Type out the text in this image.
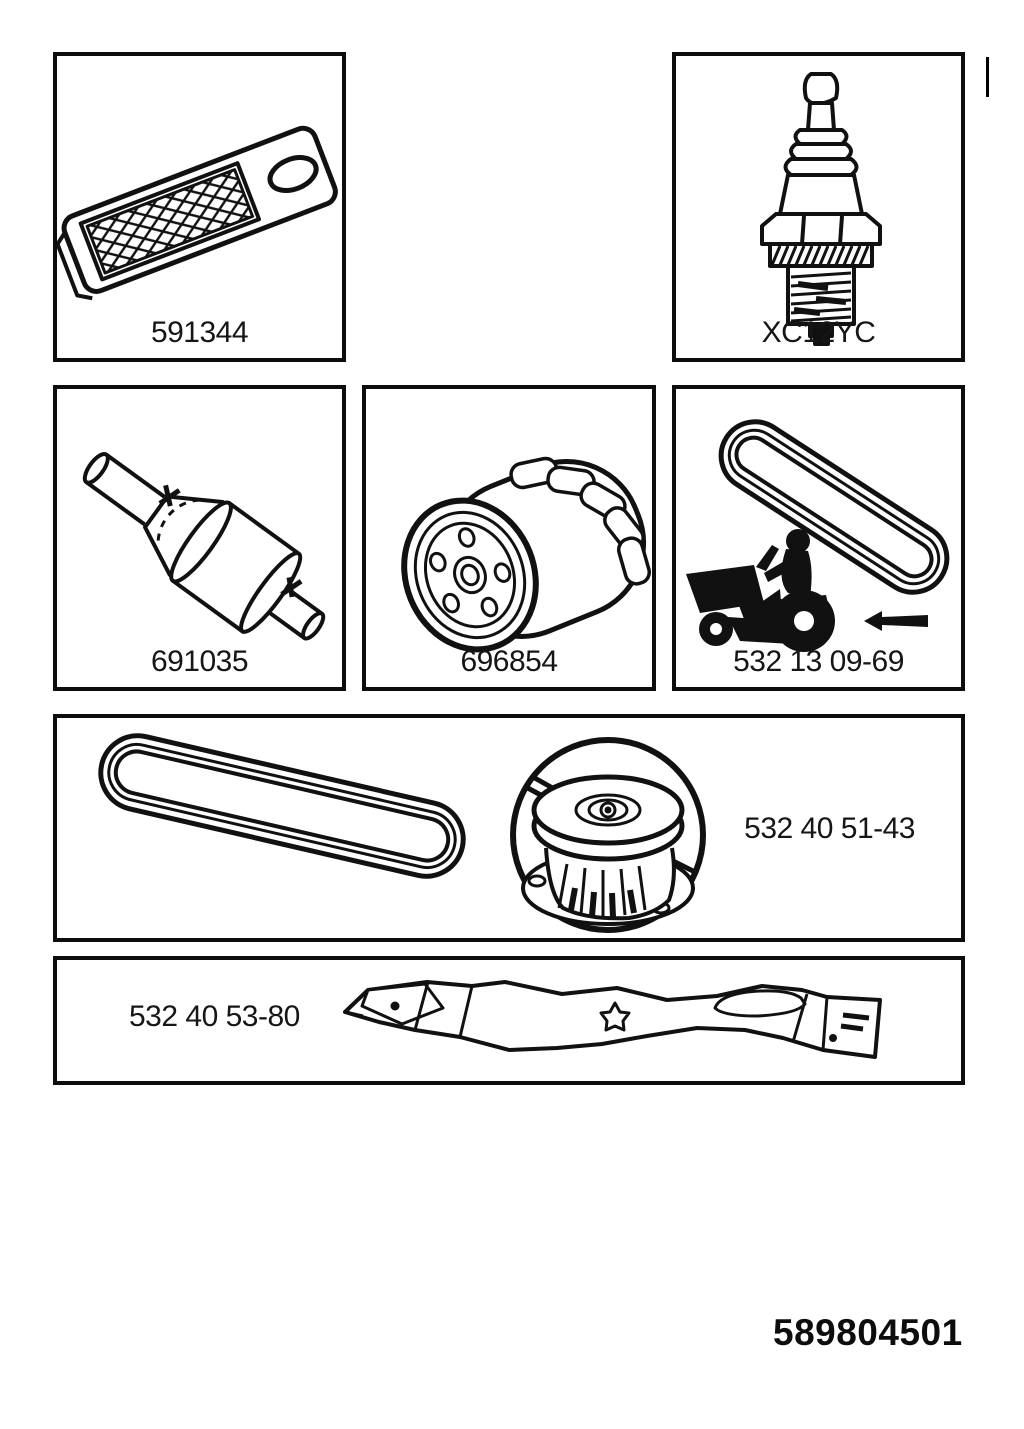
591344	XC12YC
691035	696854	532 13 09-69
532 40 51-43
532 40 53-80
589804501
